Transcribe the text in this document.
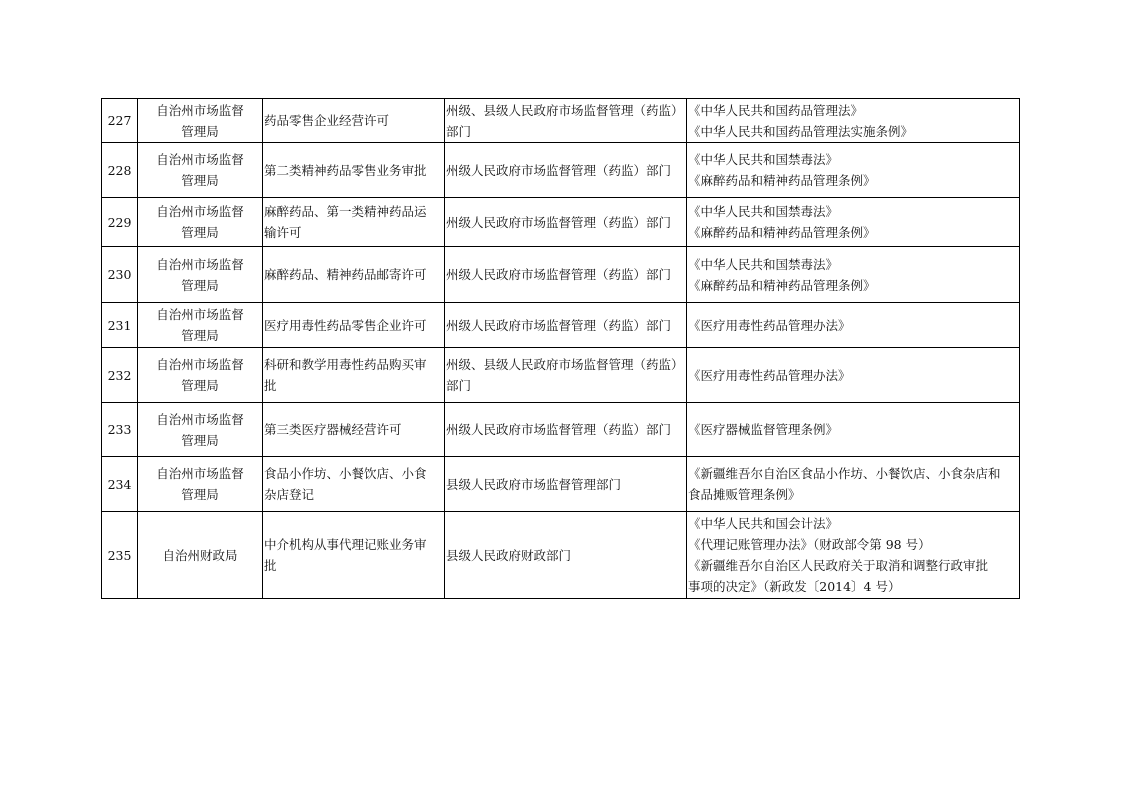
227	自治州市场监督
管理局	药品零售企业经营许可	州级、县级人民政府市场监督管理（药监）
部门	《中华人民共和国药品管理法》
《中华人民共和国药品管理法实施条例》

228	自治州市场监督
管理局	第二类精神药品零售业务审批	州级人民政府市场监督管理（药监）部门	《中华人民共和国禁毒法》
《麻醉药品和精神药品管理条例》

229	自治州市场监督
管理局	麻醉药品、第一类精神药品运
输许可	州级人民政府市场监督管理（药监）部门	《中华人民共和国禁毒法》
《麻醉药品和精神药品管理条例》

230	自治州市场监督
管理局	麻醉药品、精神药品邮寄许可	州级人民政府市场监督管理（药监）部门	《中华人民共和国禁毒法》
《麻醉药品和精神药品管理条例》

231	自治州市场监督
管理局	医疗用毒性药品零售企业许可	州级人民政府市场监督管理（药监）部门	《医疗用毒性药品管理办法》

232	自治州市场监督
管理局	科研和教学用毒性药品购买审
批	州级、县级人民政府市场监督管理（药监）
部门	《医疗用毒性药品管理办法》

233	自治州市场监督
管理局	第三类医疗器械经营许可	州级人民政府市场监督管理（药监）部门	《医疗器械监督管理条例》

234	自治州市场监督
管理局	食品小作坊、小餐饮店、小食
杂店登记	县级人民政府市场监督管理部门	《新疆维吾尔自治区食品小作坊、小餐饮店、小食杂店和
食品摊贩管理条例》

235	自治州财政局	中介机构从事代理记账业务审
批	县级人民政府财政部门	《中华人民共和国会计法》
《代理记账管理办法》（财政部令第 98 号）
《新疆维吾尔自治区人民政府关于取消和调整行政审批
事项的决定》（新政发〔2014〕4 号）
